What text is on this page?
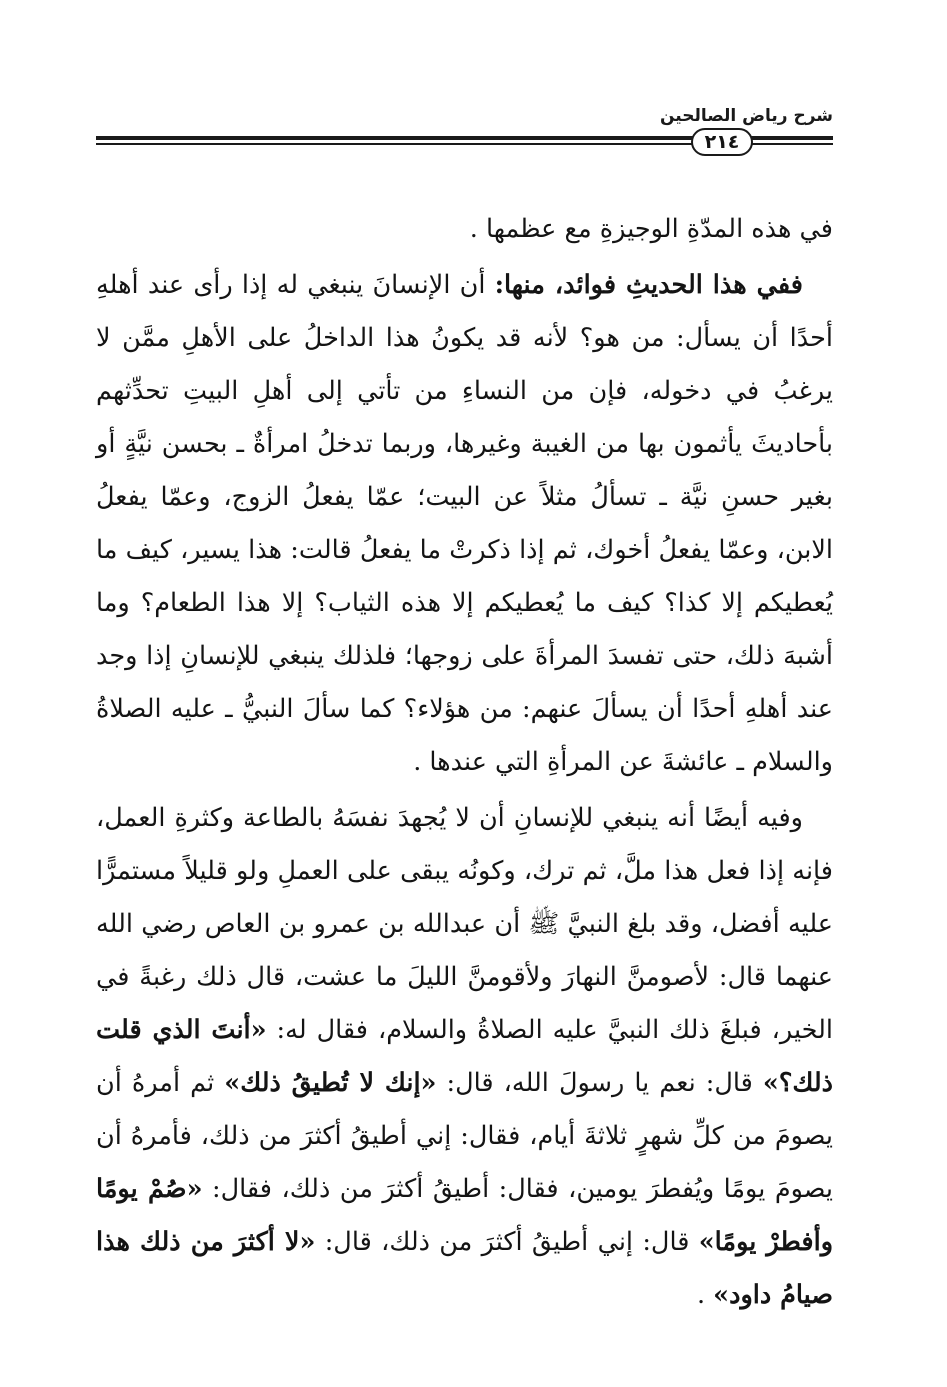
شرح رياض الصالحين
٢١٤

في هذه المدّةِ الوجيزةِ مع عظمها .

ففي هذا الحديثِ فوائد، منها: أن الإنسانَ ينبغي له إذا رأى عند أهلهِ أحدًا أن يسأل: من هو؟ لأنه قد يكونُ هذا الداخلُ على الأهلِ ممَّن لا يرغبُ في دخوله، فإن من النساءِ من تأتي إلى أهلِ البيتِ تحدِّثهم بأحاديثَ يأثمون بها من الغيبة وغيرها، وربما تدخلُ امرأةٌ ـ بحسن نيَّةٍ أو بغير حسنِ نيَّة ـ تسألُ مثلاً عن البيت؛ عمّا يفعلُ الزوج، وعمّا يفعلُ الابن، وعمّا يفعلُ أخوك، ثم إذا ذكرتْ ما يفعلُ قالت: هذا يسير، كيف ما يُعطيكم إلا كذا؟ كيف ما يُعطيكم إلا هذه الثياب؟ إلا هذا الطعام؟ وما أشبهَ ذلك، حتى تفسدَ المرأةَ على زوجها؛ فلذلك ينبغي للإنسانِ إذا وجد عند أهلهِ أحدًا أن يسألَ عنهم: من هؤلاء؟ كما سألَ النبيُّ ـ عليه الصلاةُ والسلام ـ عائشةَ عن المرأةِ التي عندها .

وفيه أيضًا أنه ينبغي للإنسانِ أن لا يُجهدَ نفسَهُ بالطاعة وكثرةِ العمل، فإنه إذا فعل هذا ملَّ، ثم ترك، وكونُه يبقى على العملِ ولو قليلاً مستمرًّا عليه أفضل، وقد بلغ النبيَّ ﷺ أن عبدالله بن عمرو بن العاص رضي الله عنهما قال: لأصومنَّ النهارَ ولأقومنَّ الليلَ ما عشت، قال ذلك رغبةً في الخير، فبلغَ ذلك النبيَّ عليه الصلاةُ والسلام، فقال له: «أنتَ الذي قلت ذلك؟» قال: نعم يا رسولَ الله، قال: «إنك لا تُطيقُ ذلك» ثم أمرهُ أن يصومَ من كلِّ شهرٍ ثلاثةَ أيام، فقال: إني أطيقُ أكثرَ من ذلك، فأمرهُ أن يصومَ يومًا ويُفطرَ يومين، فقال: أطيقُ أكثرَ من ذلك، فقال: «صُمْ يومًا وأفطرْ يومًا» قال: إني أطيقُ أكثرَ من ذلك، قال: «لا أكثرَ من ذلك هذا صيامُ داود» .
